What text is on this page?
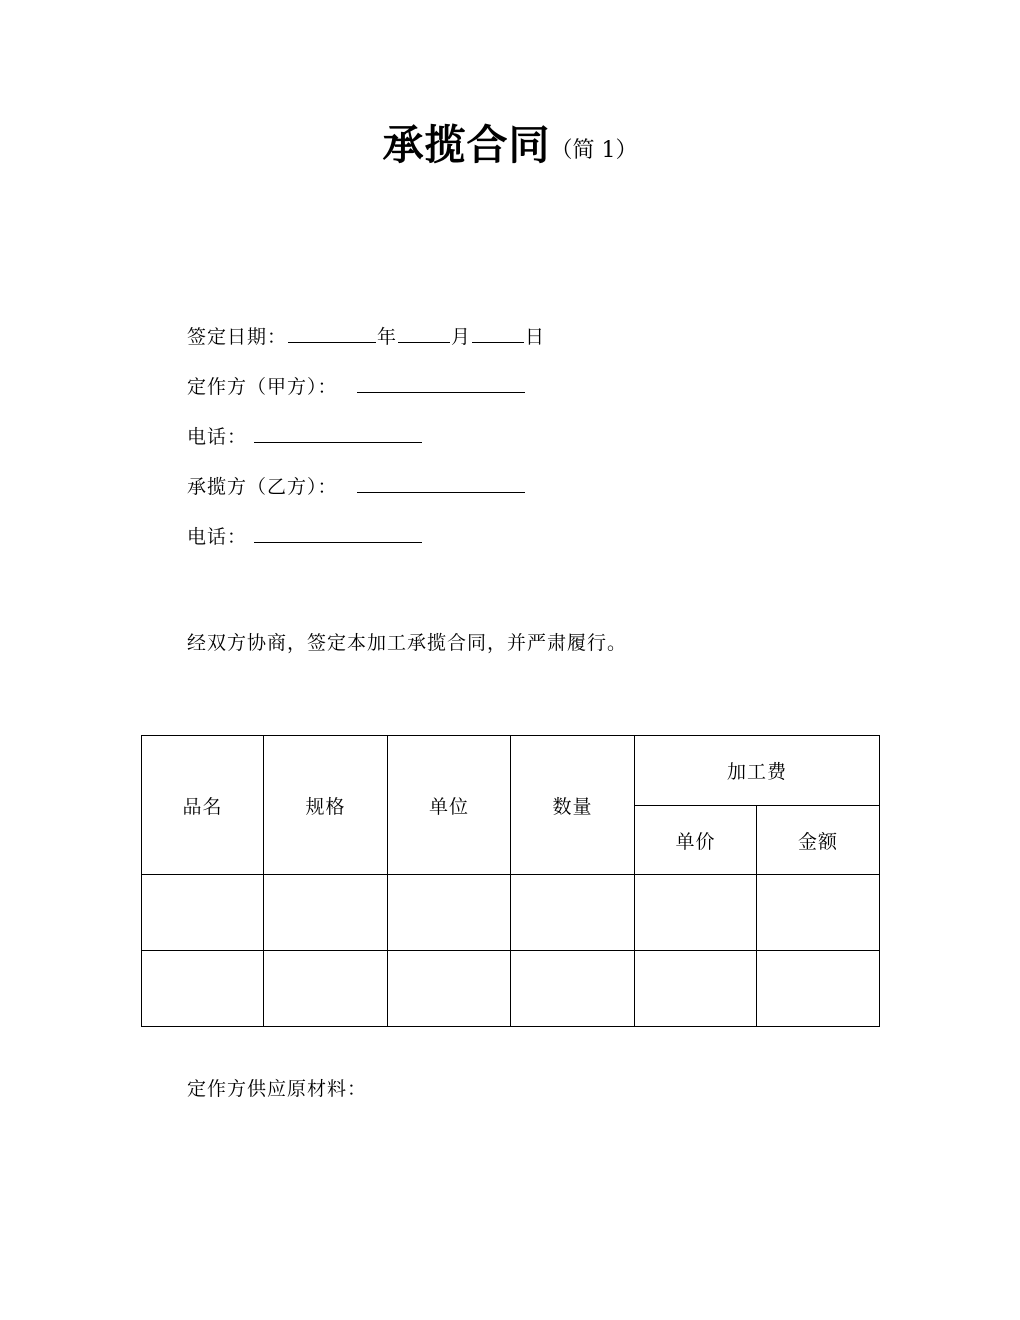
承揽合同（简 1）
签定日期：	年	月	日
定作方（甲方）：
电话：
承揽方（乙方）：
电话：
经双方协商，签定本加工承揽合同，并严肃履行。
品名	规格	单位	数量	加工费	
				单价	金额

定作方供应原材料：
